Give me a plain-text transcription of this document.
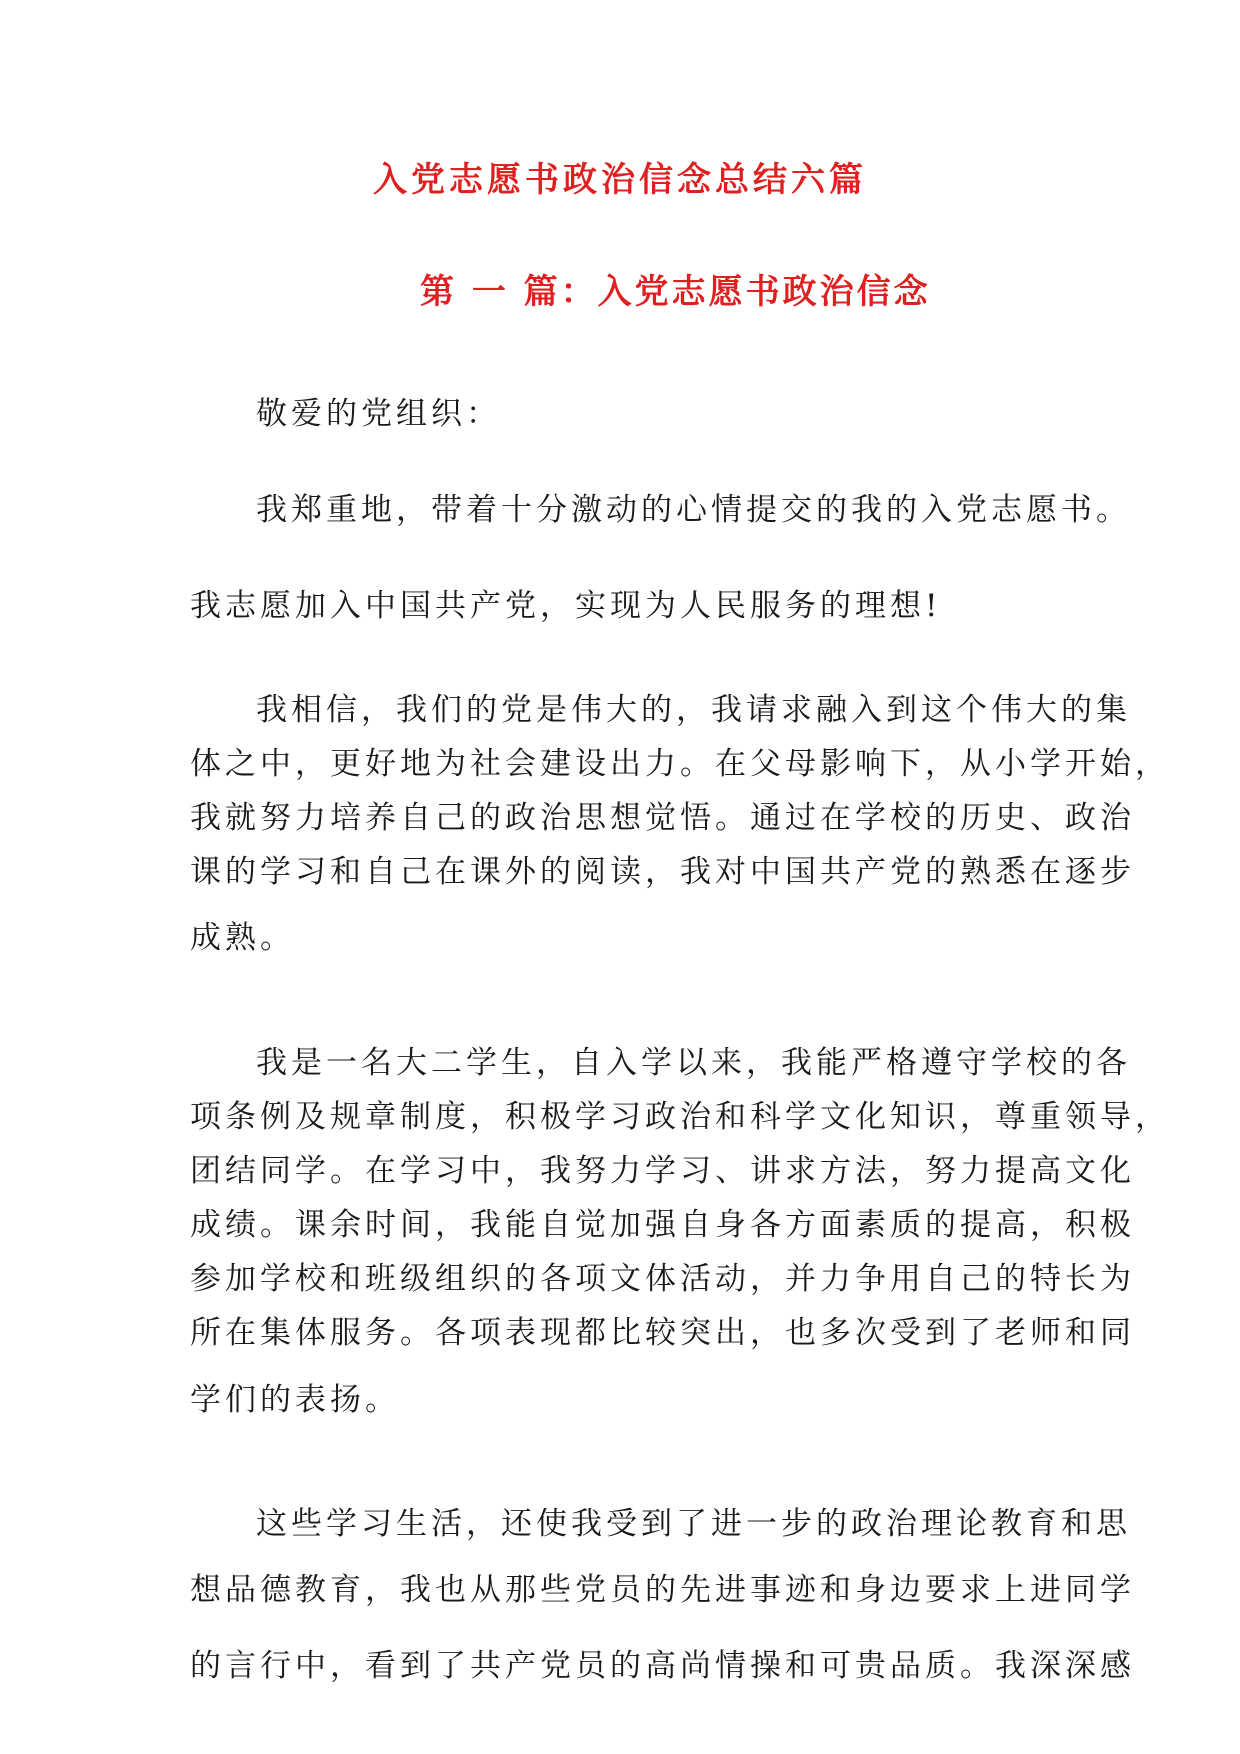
入党志愿书政治信念总结六篇
第 一 篇：入党志愿书政治信念

敬爱的党组织：

我郑重地，带着十分激动的心情提交的我的入党志愿书。

我志愿加入中国共产党，实现为人民服务的理想!

我相信，我们的党是伟大的，我请求融入到这个伟大的集

体之中，更好地为社会建设出力。在父母影响下，从小学开始，

我就努力培养自己的政治思想觉悟。通过在学校的历史、政治

课的学习和自己在课外的阅读，我对中国共产党的熟悉在逐步

成熟。

我是一名大二学生，自入学以来，我能严格遵守学校的各

项条例及规章制度，积极学习政治和科学文化知识，尊重领导，

团结同学。在学习中，我努力学习、讲求方法，努力提高文化

成绩。课余时间，我能自觉加强自身各方面素质的提高，积极

参加学校和班级组织的各项文体活动，并力争用自己的特长为

所在集体服务。各项表现都比较突出，也多次受到了老师和同

学们的表扬。

这些学习生活，还使我受到了进一步的政治理论教育和思

想品德教育，我也从那些党员的先进事迹和身边要求上进同学

的言行中，看到了共产党员的高尚情操和可贵品质。我深深感
